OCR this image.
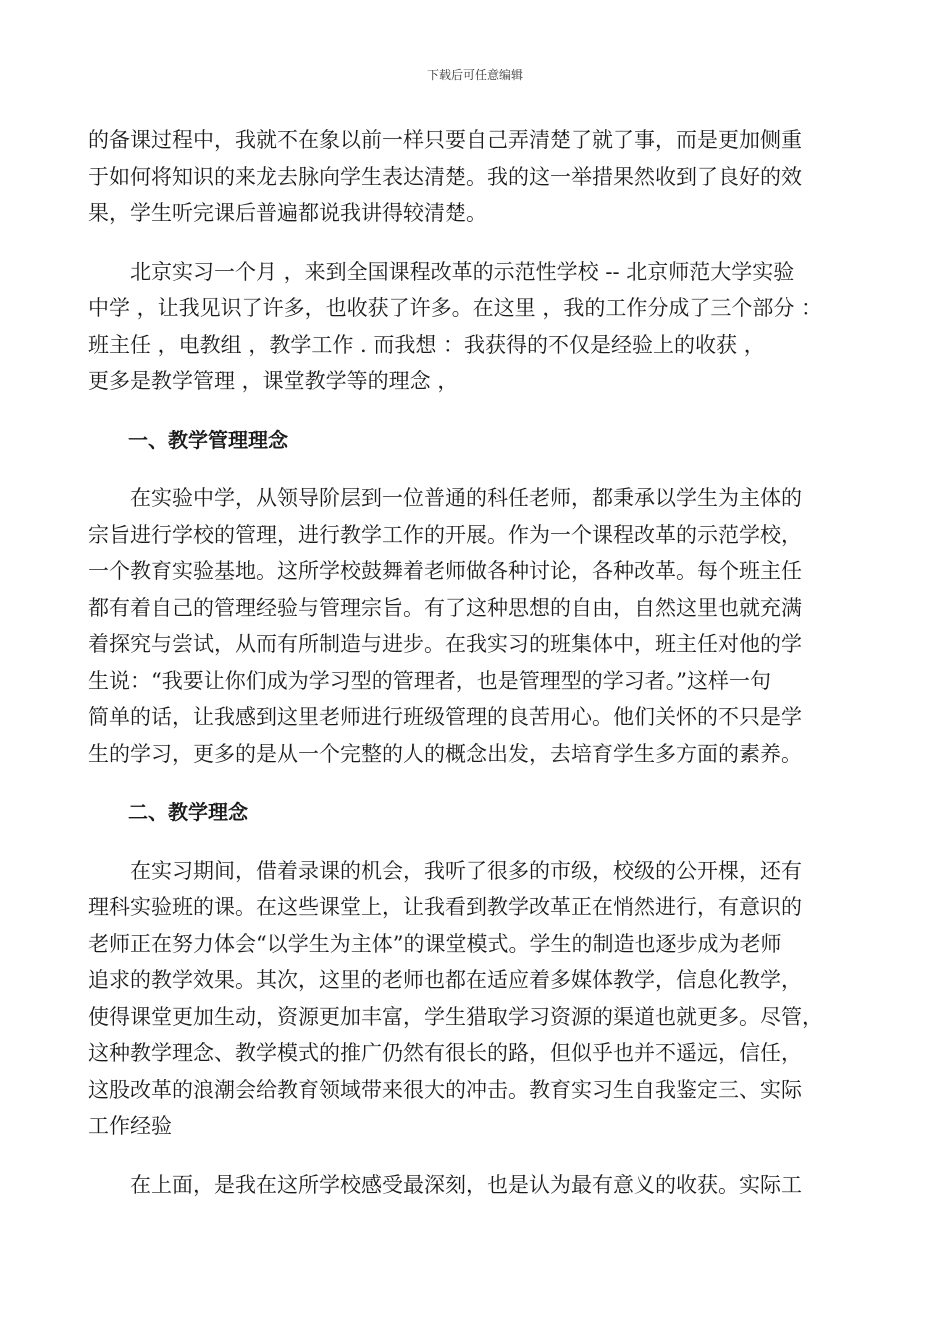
下载后可任意编辑

的备课过程中，我就不在象以前一样只要自己弄清楚了就了事，而是更加侧重

于如何将知识的来龙去脉向学生表达清楚。我的这一举措果然收到了良好的效

果，学生听完课后普遍都说我讲得较清楚。

　　北京实习一个月 ，来到全国课程改革的示范性学校 -- 北京师范大学实验

中学 ，让我见识了许多，也收获了许多。在这里 ，我的工作分成了三个部分 ：

班主任 ，电教组 ，教学工作 . 而我想 ：我获得的不仅是经验上的收获 ，

更多是教学管理 ，课堂教学等的理念 ，

　　一、教学管理理念

　　在实验中学，从领导阶层到一位普通的科任老师，都秉承以学生为主体的

宗旨进行学校的管理，进行教学工作的开展。作为一个课程改革的示范学校，

一个教育实验基地。这所学校鼓舞着老师做各种讨论，各种改革。每个班主任

都有着自己的管理经验与管理宗旨。有了这种思想的自由，自然这里也就充满

着探究与尝试，从而有所制造与进步。在我实习的班集体中，班主任对他的学

生说：“我要让你们成为学习型的管理者，也是管理型的学习者。”这样一句

简单的话，让我感到这里老师进行班级管理的良苦用心。他们关怀的不只是学

生的学习，更多的是从一个完整的人的概念出发，去培育学生多方面的素养。

　　二、教学理念

　　在实习期间，借着录课的机会，我听了很多的市级，校级的公开棵，还有

理科实验班的课。在这些课堂上，让我看到教学改革正在悄然进行，有意识的

老师正在努力体会“以学生为主体”的课堂模式。学生的制造也逐步成为老师

追求的教学效果。其次，这里的老师也都在适应着多媒体教学，信息化教学，

使得课堂更加生动，资源更加丰富，学生猎取学习资源的渠道也就更多。尽管，

这种教学理念、教学模式的推广仍然有很长的路，但似乎也并不遥远，信任，

这股改革的浪潮会给教育领域带来很大的冲击。教育实习生自我鉴定三、实际

工作经验

　　在上面，是我在这所学校感受最深刻，也是认为最有意义的收获。实际工
